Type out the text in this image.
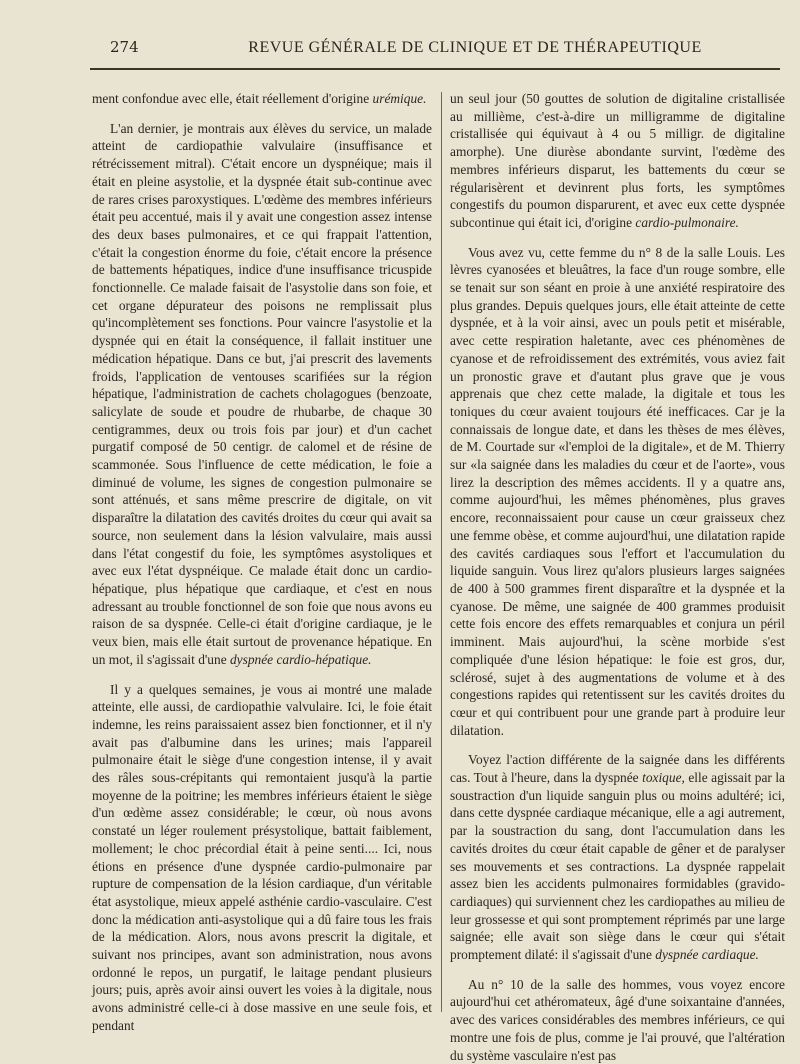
274	REVUE GÉNÉRALE DE CLINIQUE ET DE THÉRAPEUTIQUE

ment confondue avec elle, était réellement d'origine urémique.

L'an dernier, je montrais aux élèves du service, un malade atteint de cardiopathie valvulaire (insuffisance et rétrécissement mitral). C'était encore un dyspnéique; mais il était en pleine asystolie, et la dyspnée était sub-continue avec de rares crises paroxystiques. L'œdème des membres inférieurs était peu accentué, mais il y avait une congestion assez intense des deux bases pulmonaires, et ce qui frappait l'attention, c'était la congestion énorme du foie, c'était encore la présence de battements hépatiques, indice d'une insuffisance tricuspide fonctionnelle. Ce malade faisait de l'asystolie dans son foie, et cet organe dépurateur des poisons ne remplissait plus qu'incomplètement ses fonctions. Pour vaincre l'asystolie et la dyspnée qui en était la conséquence, il fallait instituer une médication hépatique. Dans ce but, j'ai prescrit des lavements froids, l'application de ventouses scarifiées sur la région hépatique, l'administration de cachets cholagogues (benzoate, salicylate de soude et poudre de rhubarbe, de chaque 30 centigrammes, deux ou trois fois par jour) et d'un cachet purgatif composé de 50 centigr. de calomel et de résine de scammonée. Sous l'influence de cette médication, le foie a diminué de volume, les signes de congestion pulmonaire se sont atténués, et sans même prescrire de digitale, on vit disparaître la dilatation des cavités droites du cœur qui avait sa source, non seulement dans la lésion valvulaire, mais aussi dans l'état congestif du foie, les symptômes asystoliques et avec eux l'état dyspnéique. Ce malade était donc un cardio-hépatique, plus hépatique que cardiaque, et c'est en nous adressant au trouble fonctionnel de son foie que nous avons eu raison de sa dyspnée. Celle-ci était d'origine cardiaque, je le veux bien, mais elle était surtout de provenance hépatique. En un mot, il s'agissait d'une dyspnée cardio-hépatique.

Il y a quelques semaines, je vous ai montré une malade atteinte, elle aussi, de cardiopathie valvulaire. Ici, le foie était indemne, les reins paraissaient assez bien fonctionner, et il n'y avait pas d'albumine dans les urines; mais l'appareil pulmonaire était le siège d'une congestion intense, il y avait des râles sous-crépitants qui remontaient jusqu'à la partie moyenne de la poitrine; les membres inférieurs étaient le siège d'un œdème assez considérable; le cœur, où nous avons constaté un léger roulement présystolique, battait faiblement, mollement; le choc précordial était à peine senti.... Ici, nous étions en présence d'une dyspnée cardio-pulmonaire par rupture de compensation de la lésion cardiaque, d'un véritable état asystolique, mieux appelé asthénie cardio-vasculaire. C'est donc la médication anti-asystolique qui a dû faire tous les frais de la médication. Alors, nous avons prescrit la digitale, et suivant nos principes, avant son administration, nous avons ordonné le repos, un purgatif, le laitage pendant plusieurs jours; puis, après avoir ainsi ouvert les voies à la digitale, nous avons administré celle-ci à dose massive en une seule fois, et pendant

un seul jour (50 gouttes de solution de digitaline cristallisée au millième, c'est-à-dire un milligramme de digitaline cristallisée qui équivaut à 4 ou 5 milligr. de digitaline amorphe). Une diurèse abondante survint, l'œdème des membres inférieurs disparut, les battements du cœur se régularisèrent et devinrent plus forts, les symptômes congestifs du poumon disparurent, et avec eux cette dyspnée subcontinue qui était ici, d'origine cardio-pulmonaire.

Vous avez vu, cette femme du n° 8 de la salle Louis. Les lèvres cyanosées et bleuâtres, la face d'un rouge sombre, elle se tenait sur son séant en proie à une anxiété respiratoire des plus grandes. Depuis quelques jours, elle était atteinte de cette dyspnée, et à la voir ainsi, avec un pouls petit et misérable, avec cette respiration haletante, avec ces phénomènes de cyanose et de refroidissement des extrémités, vous aviez fait un pronostic grave et d'autant plus grave que je vous apprenais que chez cette malade, la digitale et tous les toniques du cœur avaient toujours été inefficaces. Car je la connaissais de longue date, et dans les thèses de mes élèves, de M. Courtade sur «l'emploi de la digitale», et de M. Thierry sur «la saignée dans les maladies du cœur et de l'aorte», vous lirez la description des mêmes accidents. Il y a quatre ans, comme aujourd'hui, les mêmes phénomènes, plus graves encore, reconnaissaient pour cause un cœur graisseux chez une femme obèse, et comme aujourd'hui, une dilatation rapide des cavités cardiaques sous l'effort et l'accumulation du liquide sanguin. Vous lirez qu'alors plusieurs larges saignées de 400 à 500 grammes firent disparaître et la dyspnée et la cyanose. De même, une saignée de 400 grammes produisit cette fois encore des effets remarquables et conjura un péril imminent. Mais aujourd'hui, la scène morbide s'est compliquée d'une lésion hépatique: le foie est gros, dur, sclérosé, sujet à des augmentations de volume et à des congestions rapides qui retentissent sur les cavités droites du cœur et qui contribuent pour une grande part à produire leur dilatation.

Voyez l'action différente de la saignée dans les différents cas. Tout à l'heure, dans la dyspnée toxique, elle agissait par la soustraction d'un liquide sanguin plus ou moins adultéré; ici, dans cette dyspnée cardiaque mécanique, elle a agi autrement, par la soustraction du sang, dont l'accumulation dans les cavités droites du cœur était capable de gêner et de paralyser ses mouvements et ses contractions. La dyspnée rappelait assez bien les accidents pulmonaires formidables (gravido-cardiaques) qui surviennent chez les cardiopathes au milieu de leur grossesse et qui sont promptement réprimés par une large saignée; elle avait son siège dans le cœur qui s'était promptement dilaté: il s'agissait d'une dyspnée cardiaque.

Au n° 10 de la salle des hommes, vous voyez encore aujourd'hui cet athéromateux, âgé d'une soixantaine d'années, avec des varices considérables des membres inférieurs, ce qui montre une fois de plus, comme je l'ai prouvé, que l'altération du système vasculaire n'est pas
